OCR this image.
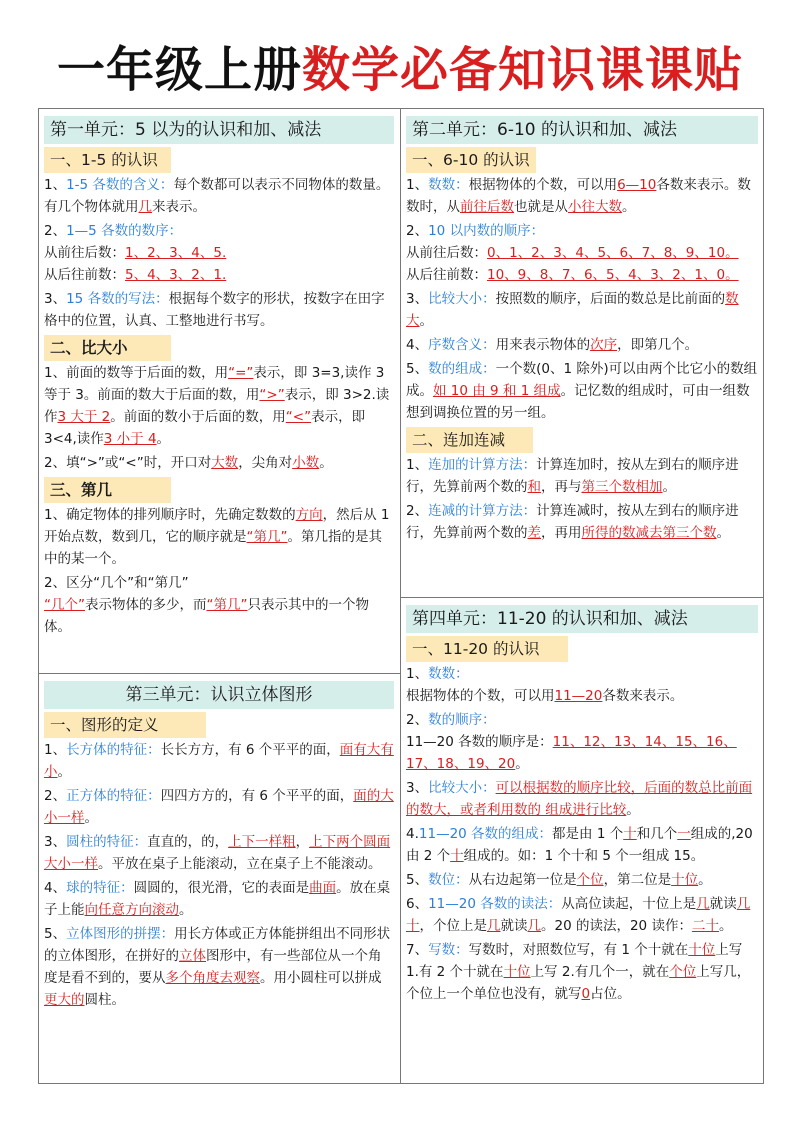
一年级上册数学必备知识课课贴
第一单元：5 以为的认识和加、减法
一、1-5 的认识

1、1-5 各数的含义：每个数都可以表示不同物体的数量。有几个物体就用几来表示。

2、1—5 各数的数序：
从前往后数：1、2、3、4、5.
从后往前数：5、4、3、2、1.

3、15 各数的写法：根据每个数字的形状，按数字在田字格中的位置，认真、工整地进行书写。

二、比大小

1、前面的数等于后面的数，用“=”表示，即 3=3,读作 3 等于 3。前面的数大于后面的数，用“>”表示，即 3>2.读作3 大于 2。前面的数小于后面的数，用“<”表示，即 3<4,读作3 小于 4。

2、填“>”或“<”时，开口对大数，尖角对小数。

三、第几

1、确定物体的排列顺序时，先确定数数的方向，然后从 1 开始点数，数到几，它的顺序就是“第几”。第几指的是其中的某一个。

2、区分“几个”和“第几”
“几个”表示物体的多少，而“第几”只表示其中的一个物体。

第三单元：认识立体图形
一、图形的定义

1、长方体的特征：长长方方，有 6 个平平的面，面有大有小。

2、正方体的特征：四四方方的，有 6 个平平的面，面的大小一样。

3、圆柱的特征：直直的，的，上下一样粗，上下两个圆面大小一样。平放在桌子上能滚动，立在桌子上不能滚动。

4、球的特征：圆圆的，很光滑，它的表面是曲面。放在桌子上能向任意方向滚动。

5、立体图形的拼摆：用长方体或正方体能拼组出不同形状的立体图形，在拼好的立体图形中，有一些部位从一个角度是看不到的，要从多个角度去观察。用小圆柱可以拼成更大的圆柱。

第二单元：6-10 的认识和加、减法
一、6-10 的认识

1、数数：根据物体的个数，可以用6—10各数来表示。数数时，从前往后数也就是从小往大数。

2、10 以内数的顺序：
从前往后数：0、1、2、3、4、5、6、7、8、9、10。
从后往前数：10、9、8、7、6、5、4、3、2、1、0。

3、比较大小：按照数的顺序，后面的数总是比前面的数大。

4、序数含义：用来表示物体的次序，即第几个。

5、数的组成：一个数(0、1 除外)可以由两个比它小的数组成。如 10 由 9 和 1 组成。记忆数的组成时，可由一组数想到调换位置的另一组。

二、连加连减

1、连加的计算方法：计算连加时，按从左到右的顺序进行，先算前两个数的和，再与第三个数相加。

2、连减的计算方法：计算连减时，按从左到右的顺序进行，先算前两个数的差，再用所得的数减去第三个数。

第四单元：11-20 的认识和加、减法
一、11-20 的认识

1、数数：
根据物体的个数，可以用11—20各数来表示。

2、数的顺序：
11—20 各数的顺序是：11、12、13、14、15、16、17、18、19、20。

3、比较大小：可以根据数的顺序比较，后面的数总比前面的数大，或者利用数的 组成进行比较。

4.11—20 各数的组成：都是由 1 个十和几个一组成的,20 由 2 个十组成的。如：1 个十和 5 个一组成 15。

5、数位：从右边起第一位是个位，第二位是十位。

6、11—20 各数的读法：从高位读起，十位上是几就读几十，个位上是几就读几。20 的读法，20 读作：二十。

7、写数：写数时，对照数位写，有 1 个十就在十位上写 1.有 2 个十就在十位上写 2.有几个一，就在个位上写几，个位上一个单位也没有，就写0占位。
